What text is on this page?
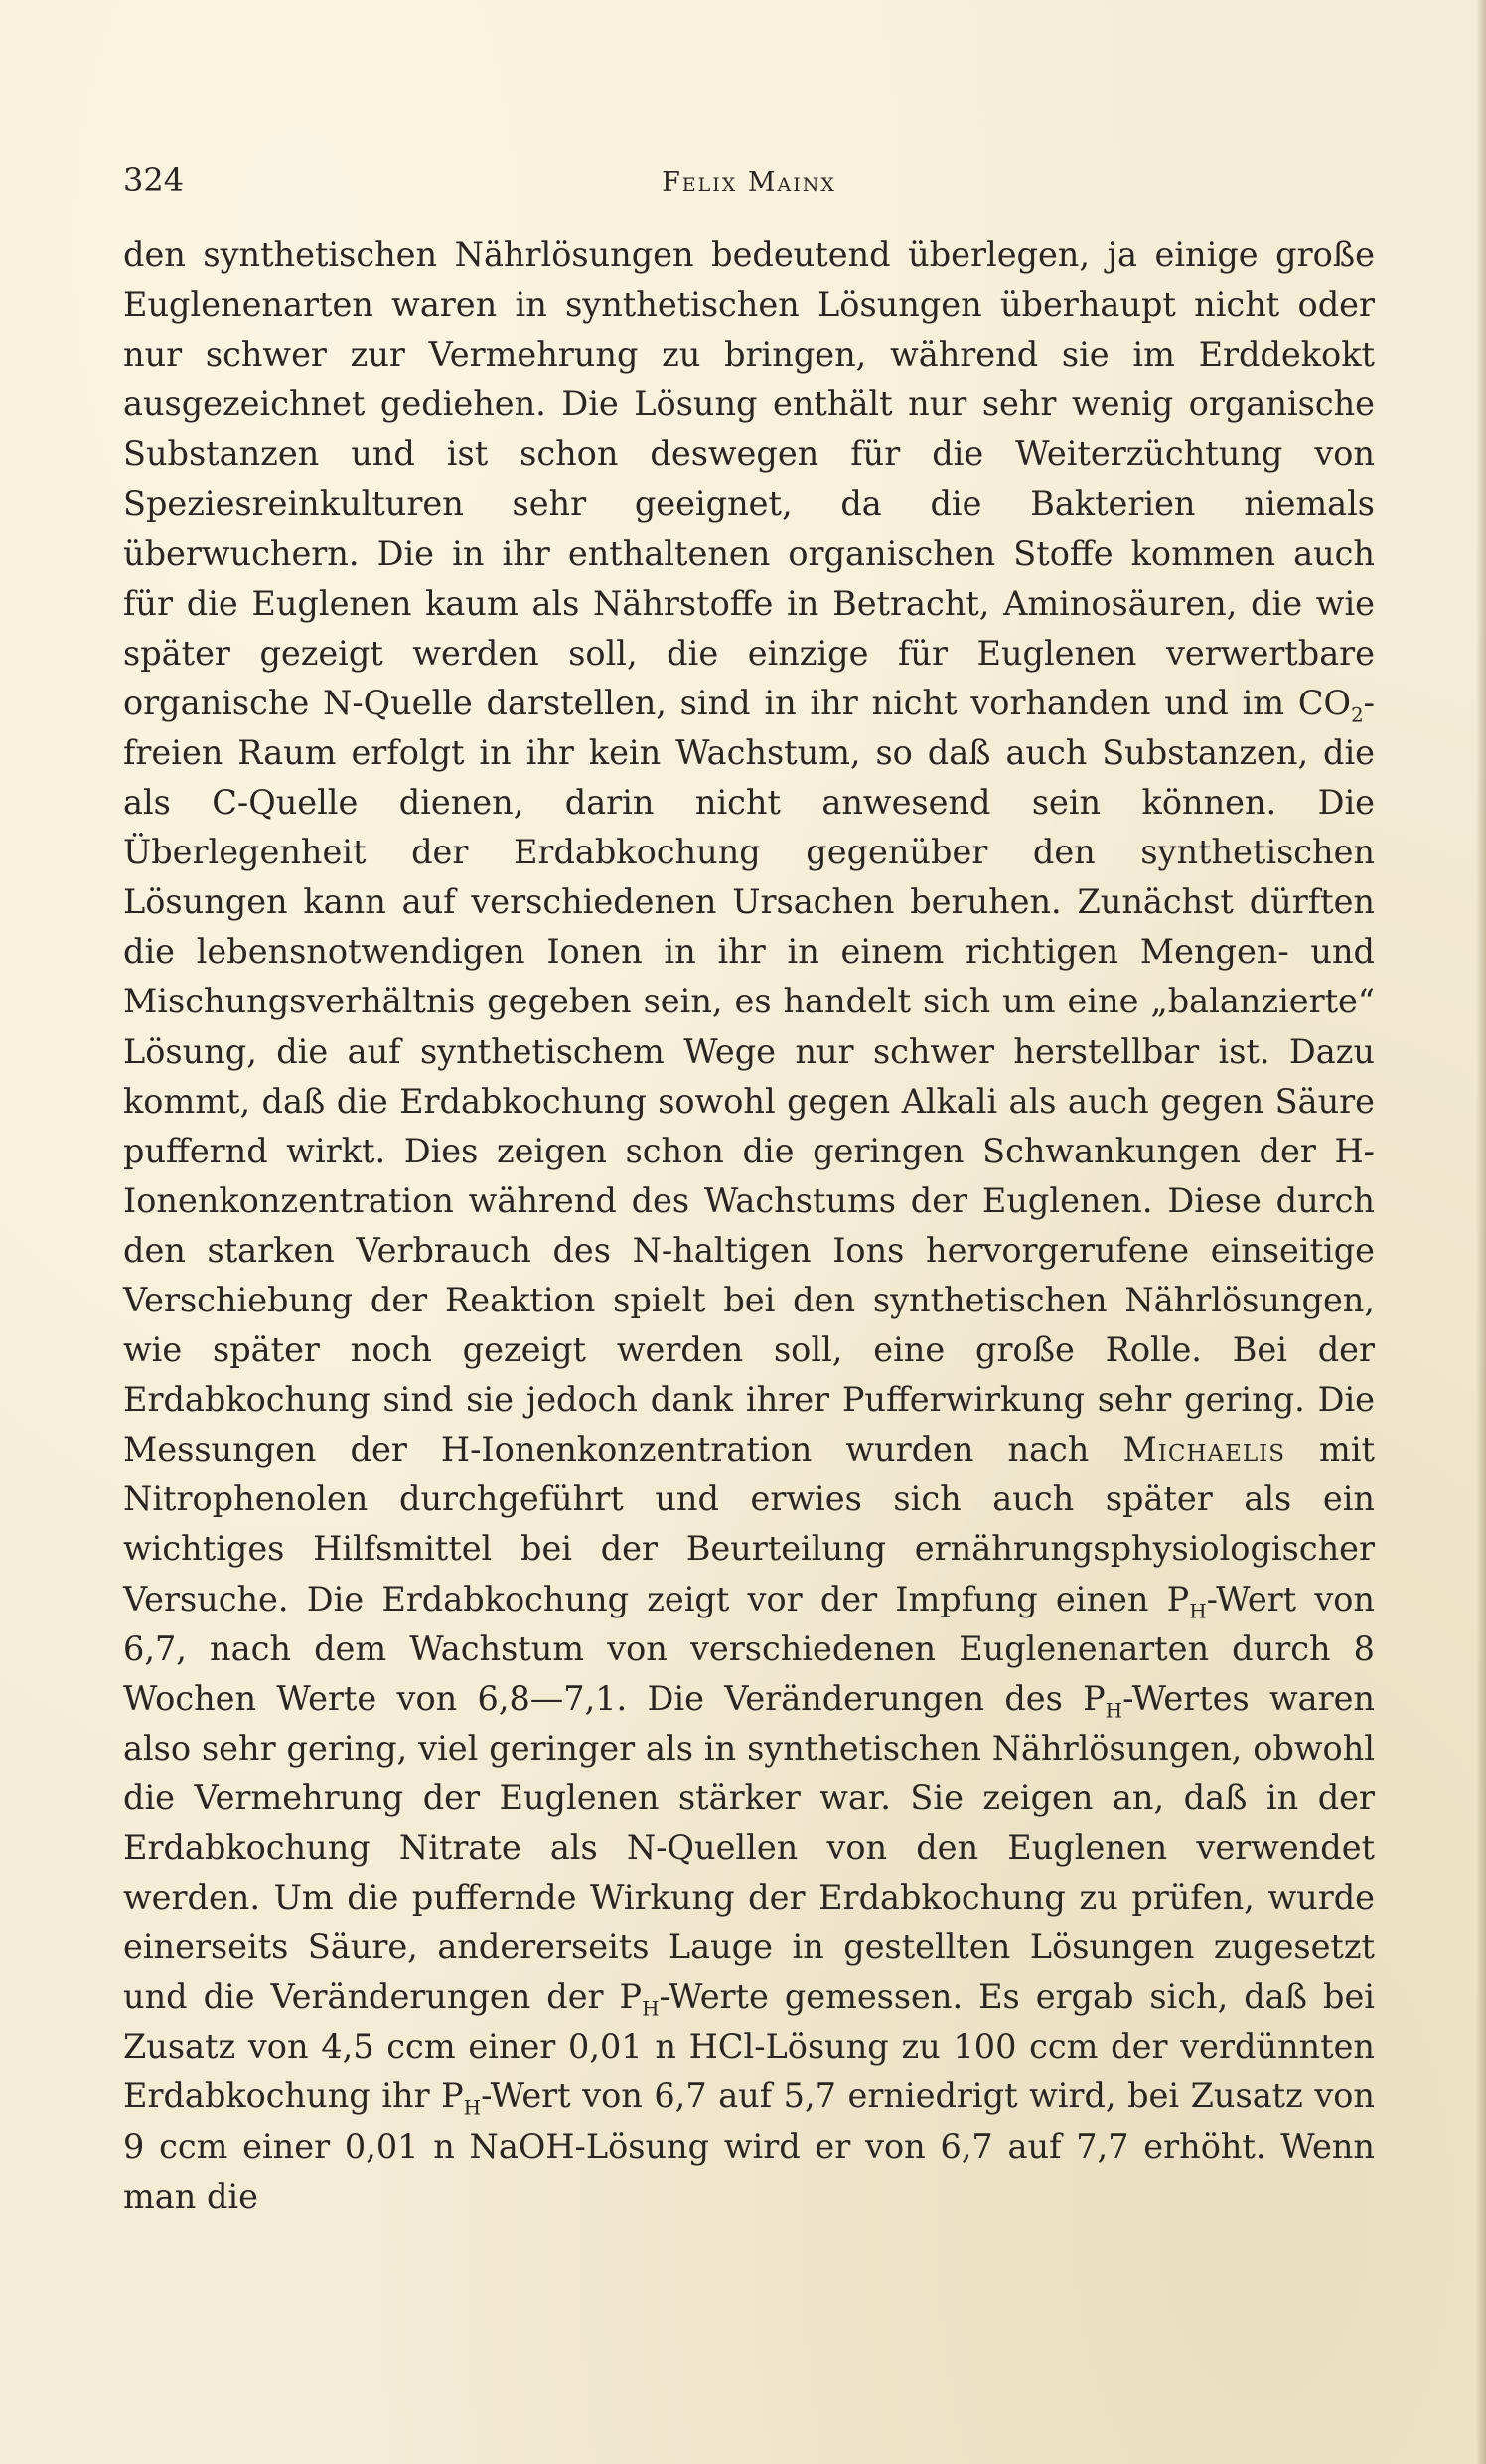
324	Felix Mainx

den synthetischen Nährlösungen bedeutend überlegen, ja einige große Euglenenarten waren in synthetischen Lösungen überhaupt nicht oder nur schwer zur Vermehrung zu bringen, während sie im Erddekokt ausgezeichnet gediehen. Die Lösung enthält nur sehr wenig organische Substanzen und ist schon deswegen für die Weiterzüchtung von Speziesreinkulturen sehr geeignet, da die Bakterien niemals überwuchern. Die in ihr enthaltenen organischen Stoffe kommen auch für die Euglenen kaum als Nährstoffe in Betracht, Aminosäuren, die wie später gezeigt werden soll, die einzige für Euglenen verwertbare organische N-Quelle darstellen, sind in ihr nicht vorhanden und im $CO_2$-freien Raum erfolgt in ihr kein Wachstum, so daß auch Substanzen, die als C-Quelle dienen, darin nicht anwesend sein können. Die Überlegenheit der Erdabkochung gegenüber den synthetischen Lösungen kann auf verschiedenen Ursachen beruhen. Zunächst dürften die lebensnotwendigen Ionen in ihr in einem richtigen Mengen- und Mischungsverhältnis gegeben sein, es handelt sich um eine „balanzierte“ Lösung, die auf synthetischem Wege nur schwer herstellbar ist. Dazu kommt, daß die Erdabkochung sowohl gegen Alkali als auch gegen Säure puffernd wirkt. Dies zeigen schon die geringen Schwankungen der H-Ionenkonzentration während des Wachstums der Euglenen. Diese durch den starken Verbrauch des N-haltigen Ions hervorgerufene einseitige Verschiebung der Reaktion spielt bei den synthetischen Nährlösungen, wie später noch gezeigt werden soll, eine große Rolle. Bei der Erdabkochung sind sie jedoch dank ihrer Pufferwirkung sehr gering. Die Messungen der H-Ionenkonzentration wurden nach Michaelis mit Nitrophenolen durchgeführt und erwies sich auch später als ein wichtiges Hilfsmittel bei der Beurteilung ernährungsphysiologischer Versuche. Die Erdabkochung zeigt vor der Impfung einen $P_H$-Wert von 6,7, nach dem Wachstum von verschiedenen Euglenenarten durch 8 Wochen Werte von 6,8—7,1. Die Veränderungen des $P_H$-Wertes waren also sehr gering, viel geringer als in synthetischen Nährlösungen, obwohl die Vermehrung der Euglenen stärker war. Sie zeigen an, daß in der Erdabkochung Nitrate als N-Quellen von den Euglenen verwendet werden. Um die puffernde Wirkung der Erdabkochung zu prüfen, wurde einerseits Säure, andererseits Lauge in gestellten Lösungen zugesetzt und die Veränderungen der $P_H$-Werte gemessen. Es ergab sich, daß bei Zusatz von 4,5 ccm einer 0,01 n HCl-Lösung zu 100 ccm der verdünnten Erdabkochung ihr $P_H$-Wert von 6,7 auf 5,7 erniedrigt wird, bei Zusatz von 9 ccm einer 0,01 n NaOH-Lösung wird er von 6,7 auf 7,7 erhöht. Wenn man die
